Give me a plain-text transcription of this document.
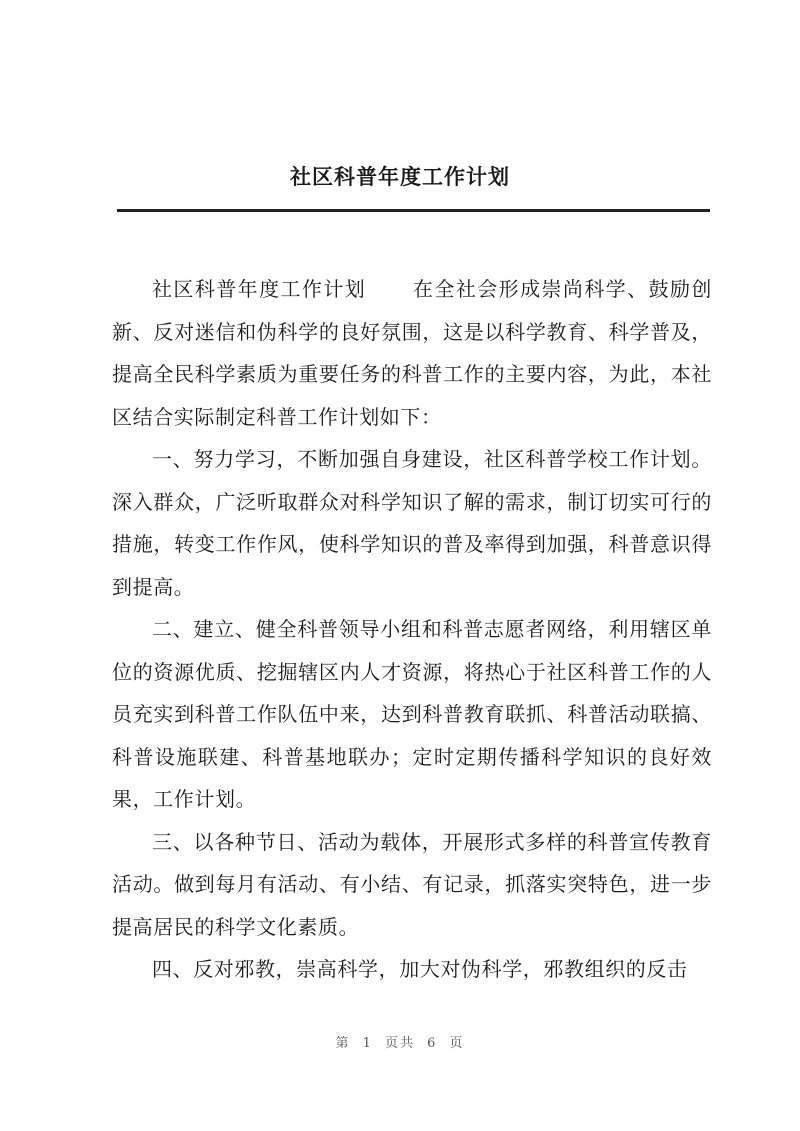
社区科普年度工作计划

社区科普年度工作计划 在全社会形成崇尚科学、鼓励创新、反对迷信和伪科学的良好氛围，这是以科学教育、科学普及，提高全民科学素质为重要任务的科普工作的主要内容，为此，本社区结合实际制定科普工作计划如下：

一、努力学习，不断加强自身建设，社区科普学校工作计划。深入群众，广泛听取群众对科学知识了解的需求，制订切实可行的措施，转变工作作风，使科学知识的普及率得到加强，科普意识得到提高。

二、建立、健全科普领导小组和科普志愿者网络，利用辖区单位的资源优质、挖掘辖区内人才资源，将热心于社区科普工作的人员充实到科普工作队伍中来，达到科普教育联抓、科普活动联搞、科普设施联建、科普基地联办；定时定期传播科学知识的良好效果，工作计划。

三、以各种节日、活动为载体，开展形式多样的科普宣传教育活动。做到每月有活动、有小结、有记录，抓落实突特色，进一步提高居民的科学文化素质。

四、反对邪教，崇高科学，加大对伪科学，邪教组织的反击

第 1 页共 6 页
